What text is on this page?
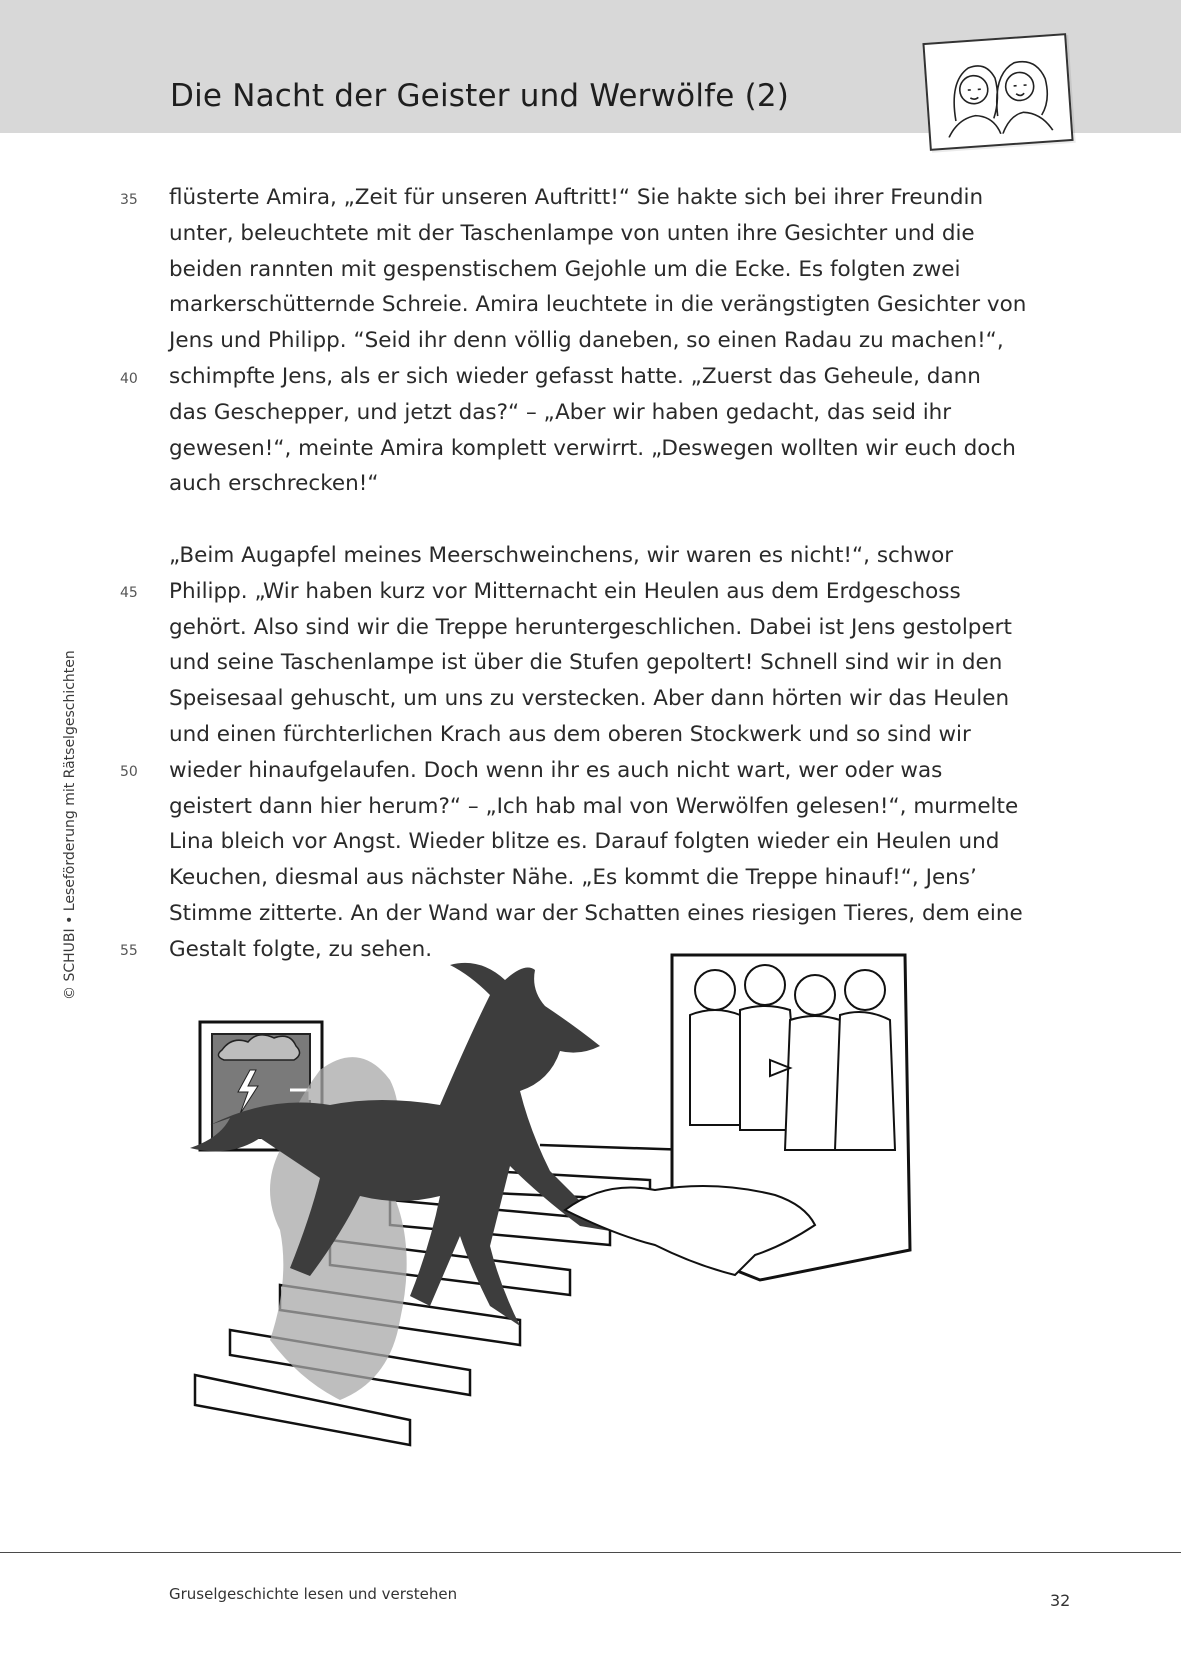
Die Nacht der Geister und Werwölfe (2)
© SCHUBI • Leseförderung mit Rätselgeschichten
35
40
45
50
55
flüsterte Amira, „Zeit für unseren Auftritt!“ Sie hakte sich bei ihrer Freundin
unter, beleuchtete mit der Taschenlampe von unten ihre Gesichter und die
beiden rannten mit gespenstischem Gejohle um die Ecke. Es folgten zwei
markerschütternde Schreie. Amira leuchtete in die verängstigten Gesichter von
Jens und Philipp. “Seid ihr denn völlig daneben, so einen Radau zu machen!“,
schimpfte Jens, als er sich wieder gefasst hatte. „Zuerst das Geheule, dann
das Geschepper, und jetzt das?“ – „Aber wir haben gedacht, das seid ihr
gewesen!“, meinte Amira komplett verwirrt. „Deswegen wollten wir euch doch
auch erschrecken!“
„Beim Augapfel meines Meerschweinchens, wir waren es nicht!“, schwor
Philipp. „Wir haben kurz vor Mitternacht ein Heulen aus dem Erdgeschoss
gehört. Also sind wir die Treppe heruntergeschlichen. Dabei ist Jens gestolpert
und seine Taschenlampe ist über die Stufen gepoltert! Schnell sind wir in den
Speisesaal gehuscht, um uns zu verstecken. Aber dann hörten wir das Heulen
und einen fürchterlichen Krach aus dem oberen Stockwerk und so sind wir
wieder hinaufgelaufen. Doch wenn ihr es auch nicht wart, wer oder was
geistert dann hier herum?“ – „Ich hab mal von Werwölfen gelesen!“, murmelte
Lina bleich vor Angst. Wieder blitze es. Darauf folgten wieder ein Heulen und
Keuchen, diesmal aus nächster Nähe. „Es kommt die Treppe hinauf!“, Jens’
Stimme zitterte. An der Wand war der Schatten eines riesigen Tieres, dem eine
Gestalt folgte, zu sehen.
Gruselgeschichte lesen und verstehen	32
